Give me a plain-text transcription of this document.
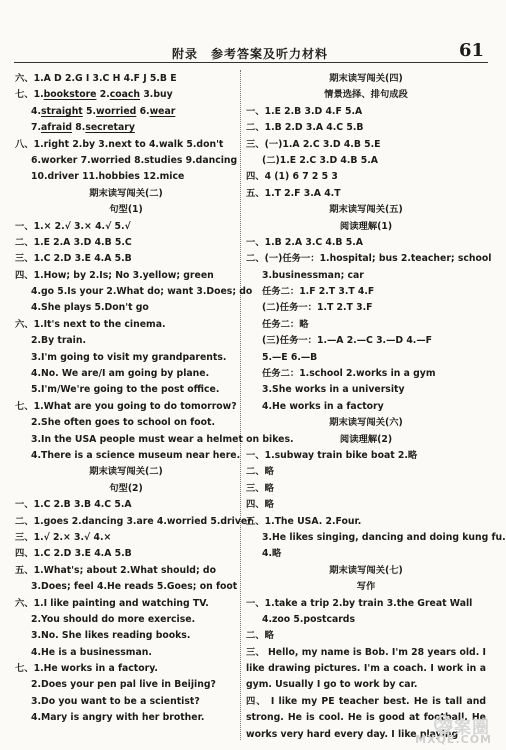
附录　参考答案及听力材料	61
六、1.A D 2.G I 3.C H 4.F J 5.B E
七、1.bookstore 2.coach 3.buy
4.straight 5.worried 6.wear
7.afraid 8.secretary
八、1.right 2.by 3.next to 4.walk 5.don't
6.worker 7.worried 8.studies 9.dancing
10.driver 11.hobbies 12.mice
期末读写闯关(二)
句型(1)
一、1.× 2.√ 3.× 4.√ 5.√
二、1.E 2.A 3.D 4.B 5.C
三、1.C 2.D 3.E 4.A 5.B
四、1.How; by 2.Is; No 3.yellow; green
4.go 5.Is your 2.What do; want 3.Does; do
4.She plays 5.Don't go
六、1.It's next to the cinema.
2.By train.
3.I'm going to visit my grandparents.
4.No. We are/I am going by plane.
5.I'm/We're going to the post office.
七、1.What are you going to do tomorrow?
2.She often goes to school on foot.
3.In the USA people must wear a helmet on bikes.
4.There is a science museum near here.
期末读写闯关(二)
句型(2)
一、1.C 2.B 3.B 4.C 5.A
二、1.goes 2.dancing 3.are 4.worried 5.driver
三、1.√ 2.× 3.√ 4.×
四、1.C 2.D 3.E 4.A 5.B
五、1.What's; about 2.What should; do
3.Does; feel 4.He reads 5.Goes; on foot
六、1.I like painting and watching TV.
2.You should do more exercise.
3.No. She likes reading books.
4.He is a businessman.
七、1.He works in a factory.
2.Does your pen pal live in Beijing?
3.Do you want to be a scientist?
4.Mary is angry with her brother.
期末读写闯关(四)
情景选择、排句成段
一、1.E 2.B 3.D 4.F 5.A
二、1.B 2.D 3.A 4.C 5.B
三、(一)1.A 2.C 3.D 4.B 5.E
(二)1.E 2.C 3.D 4.B 5.A
四、4 (1) 6 7 2 5 3
五、1.T 2.F 3.A 4.T
期末读写闯关(五)
阅读理解(1)
一、1.B 2.A 3.C 4.B 5.A
二、(一)任务一：1.hospital; bus 2.teacher; school
3.businessman; car
任务二：1.F 2.T 3.T 4.F
(二)任务一：1.T 2.T 3.F
任务二：略
(三)任务一：1.—A 2.—C 3.—D 4.—F
5.—E 6.—B
任务二：1.school 2.works in a gym
3.She works in a university
4.He works in a factory
期末读写闯关(六)
阅读理解(2)
一、1.subway train bike boat 2.略
二、略
三、略
四、略
五、1.The USA. 2.Four.
3.He likes singing, dancing and doing kung fu.
4.略
期末读写闯关(七)
写作
一、1.take a trip 2.by train 3.the Great Wall
4.zoo 5.postcards
二、略
三、 Hello, my name is Bob. I'm 28 years old. I like drawing pictures. I'm a coach. I work in a gym. Usually I go to work by car.
四、 I like my PE teacher best. He is tall and strong. He is cool. He is good at football. He works very hard every day. I like playing
答案圈
MXQE.COM
